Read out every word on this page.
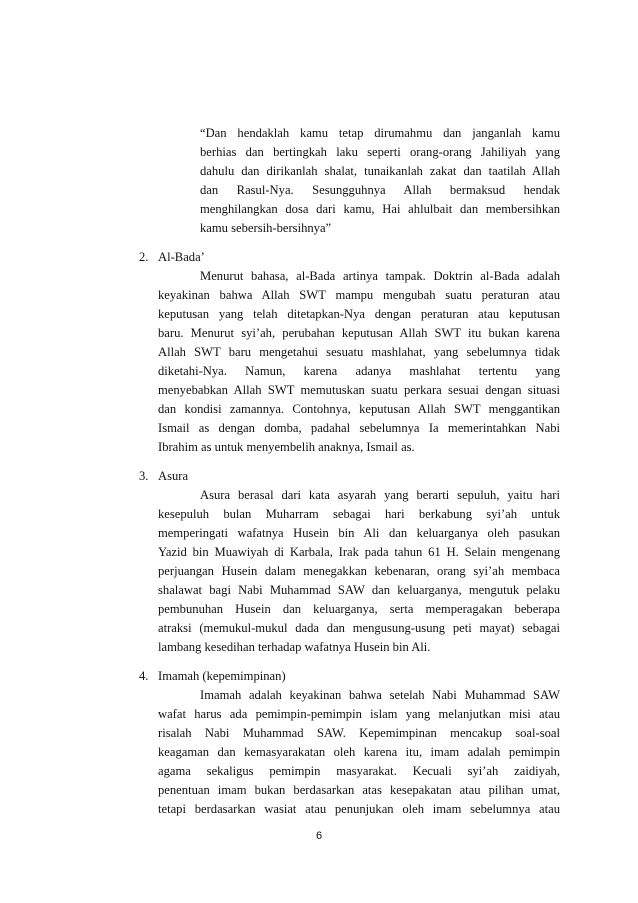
“Dan hendaklah kamu tetap dirumahmu dan janganlah kamu
berhias dan bertingkah laku seperti orang-orang Jahiliyah yang
dahulu dan dirikanlah shalat, tunaikanlah zakat dan taatilah Allah
dan Rasul-Nya. Sesungguhnya Allah bermaksud hendak
menghilangkan dosa dari kamu, Hai ahlulbait dan membersihkan
kamu sebersih-bersihnya”
2. Al-Bada’
Menurut bahasa, al-Bada artinya tampak. Doktrin al-Bada adalah
keyakinan bahwa Allah SWT mampu mengubah suatu peraturan atau
keputusan yang telah ditetapkan-Nya dengan peraturan atau keputusan
baru. Menurut syi’ah, perubahan keputusan Allah SWT itu bukan karena
Allah SWT baru mengetahui sesuatu mashlahat, yang sebelumnya tidak
diketahi-Nya. Namun, karena adanya mashlahat tertentu yang
menyebabkan Allah SWT memutuskan suatu perkara sesuai dengan situasi
dan kondisi zamannya. Contohnya, keputusan Allah SWT menggantikan
Ismail as dengan domba, padahal sebelumnya Ia memerintahkan Nabi
Ibrahim as untuk menyembelih anaknya, Ismail as.
3. Asura
Asura berasal dari kata asyarah yang berarti sepuluh, yaitu hari
kesepuluh bulan Muharram sebagai hari berkabung syi’ah untuk
memperingati wafatnya Husein bin Ali dan keluarganya oleh pasukan
Yazid bin Muawiyah di Karbala, Irak pada tahun 61 H. Selain mengenang
perjuangan Husein dalam menegakkan kebenaran, orang syi’ah membaca
shalawat bagi Nabi Muhammad SAW dan keluarganya, mengutuk pelaku
pembunuhan Husein dan keluarganya, serta memperagakan beberapa
atraksi (memukul-mukul dada dan mengusung-usung peti mayat) sebagai
lambang kesedihan terhadap wafatnya Husein bin Ali.
4. Imamah (kepemimpinan)
Imamah adalah keyakinan bahwa setelah Nabi Muhammad SAW
wafat harus ada pemimpin-pemimpin islam yang melanjutkan misi atau
risalah Nabi Muhammad SAW. Kepemimpinan mencakup soal-soal
keagaman dan kemasyarakatan oleh karena itu, imam adalah pemimpin
agama sekaligus pemimpin masyarakat. Kecuali syi’ah zaidiyah,
penentuan imam bukan berdasarkan atas kesepakatan atau pilihan umat,
tetapi berdasarkan wasiat atau penunjukan oleh imam sebelumnya atau
6
